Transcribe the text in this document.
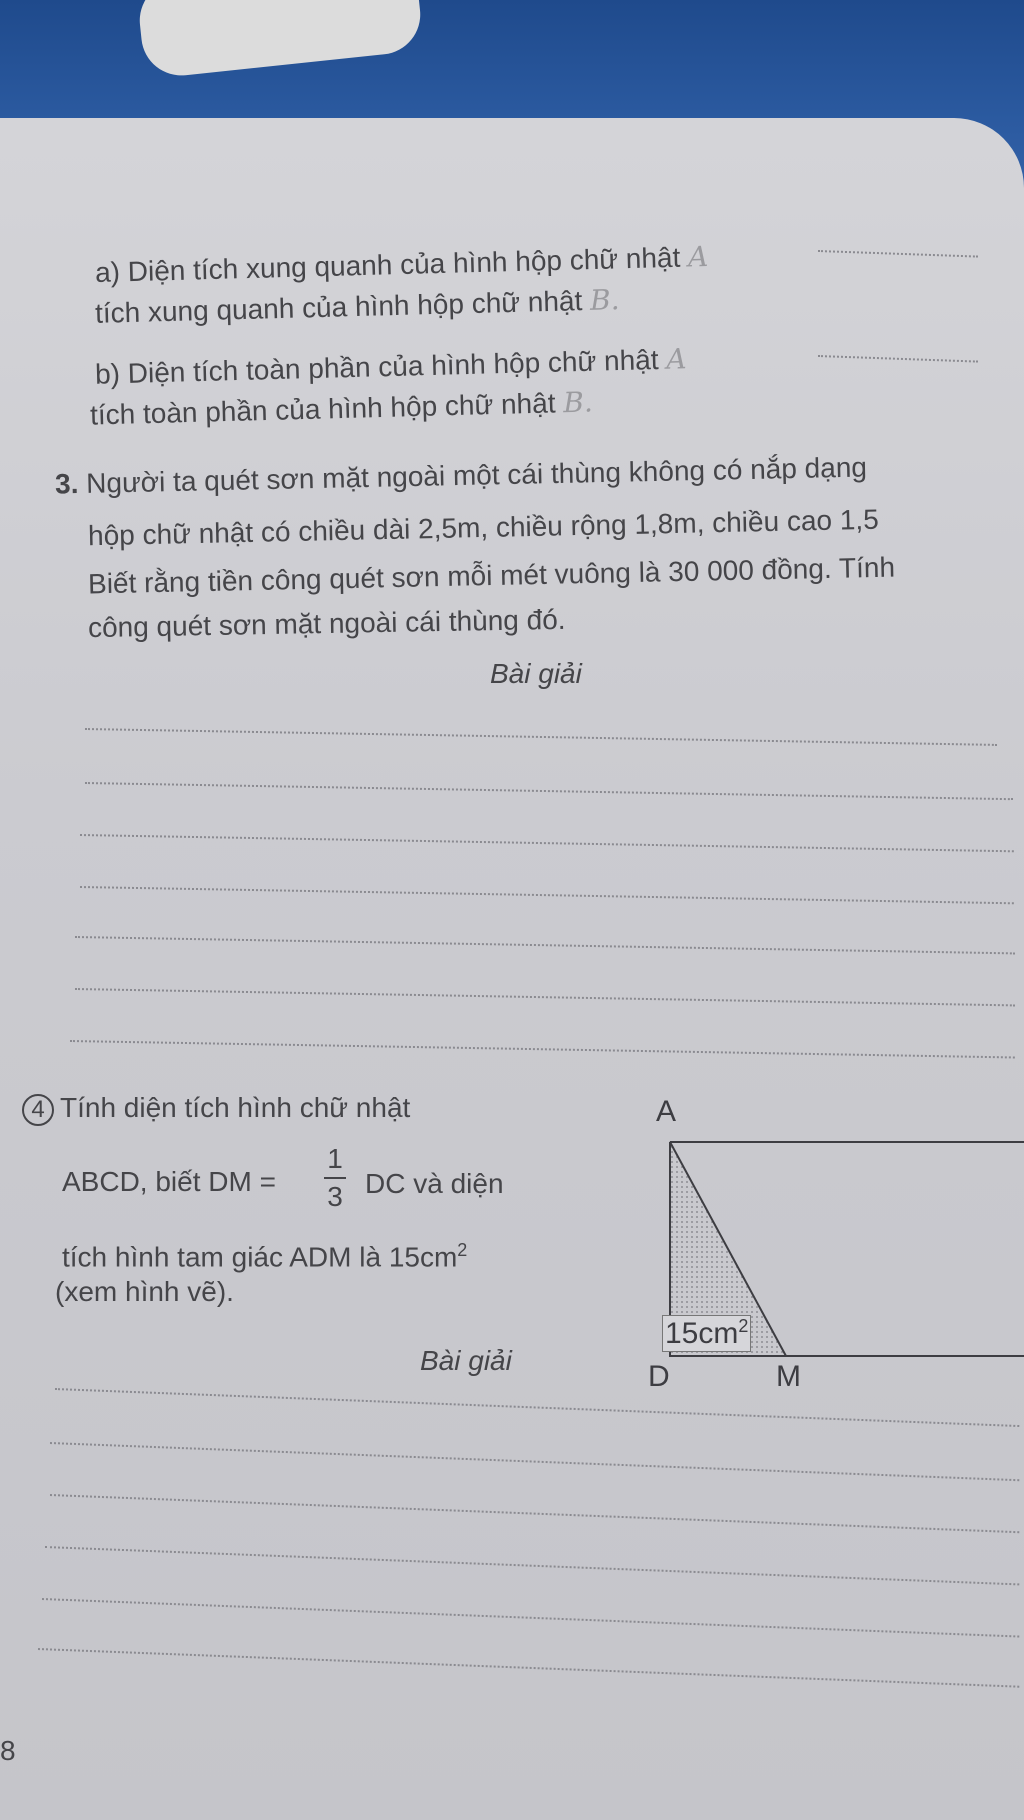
a) Diện tích xung quanh của hình hộp chữ nhật A
tích xung quanh của hình hộp chữ nhật B.
b) Diện tích toàn phần của hình hộp chữ nhật A
tích toàn phần của hình hộp chữ nhật B.
3. Người ta quét sơn mặt ngoài một cái thùng không có nắp dạng
hộp chữ nhật có chiều dài 2,5m, chiều rộng 1,8m, chiều cao 1,5
Biết rằng tiền công quét sơn mỗi mét vuông là 30 000 đồng. Tính
công quét sơn mặt ngoài cái thùng đó.
Bài giải
4 Tính diện tích hình chữ nhật
ABCD, biết DM =
1
3 DC và diện
tích hình tam giác ADM là $15cm^2$
(xem hình vẽ).
Bài giải
A
D	M
$15cm^2$
8
